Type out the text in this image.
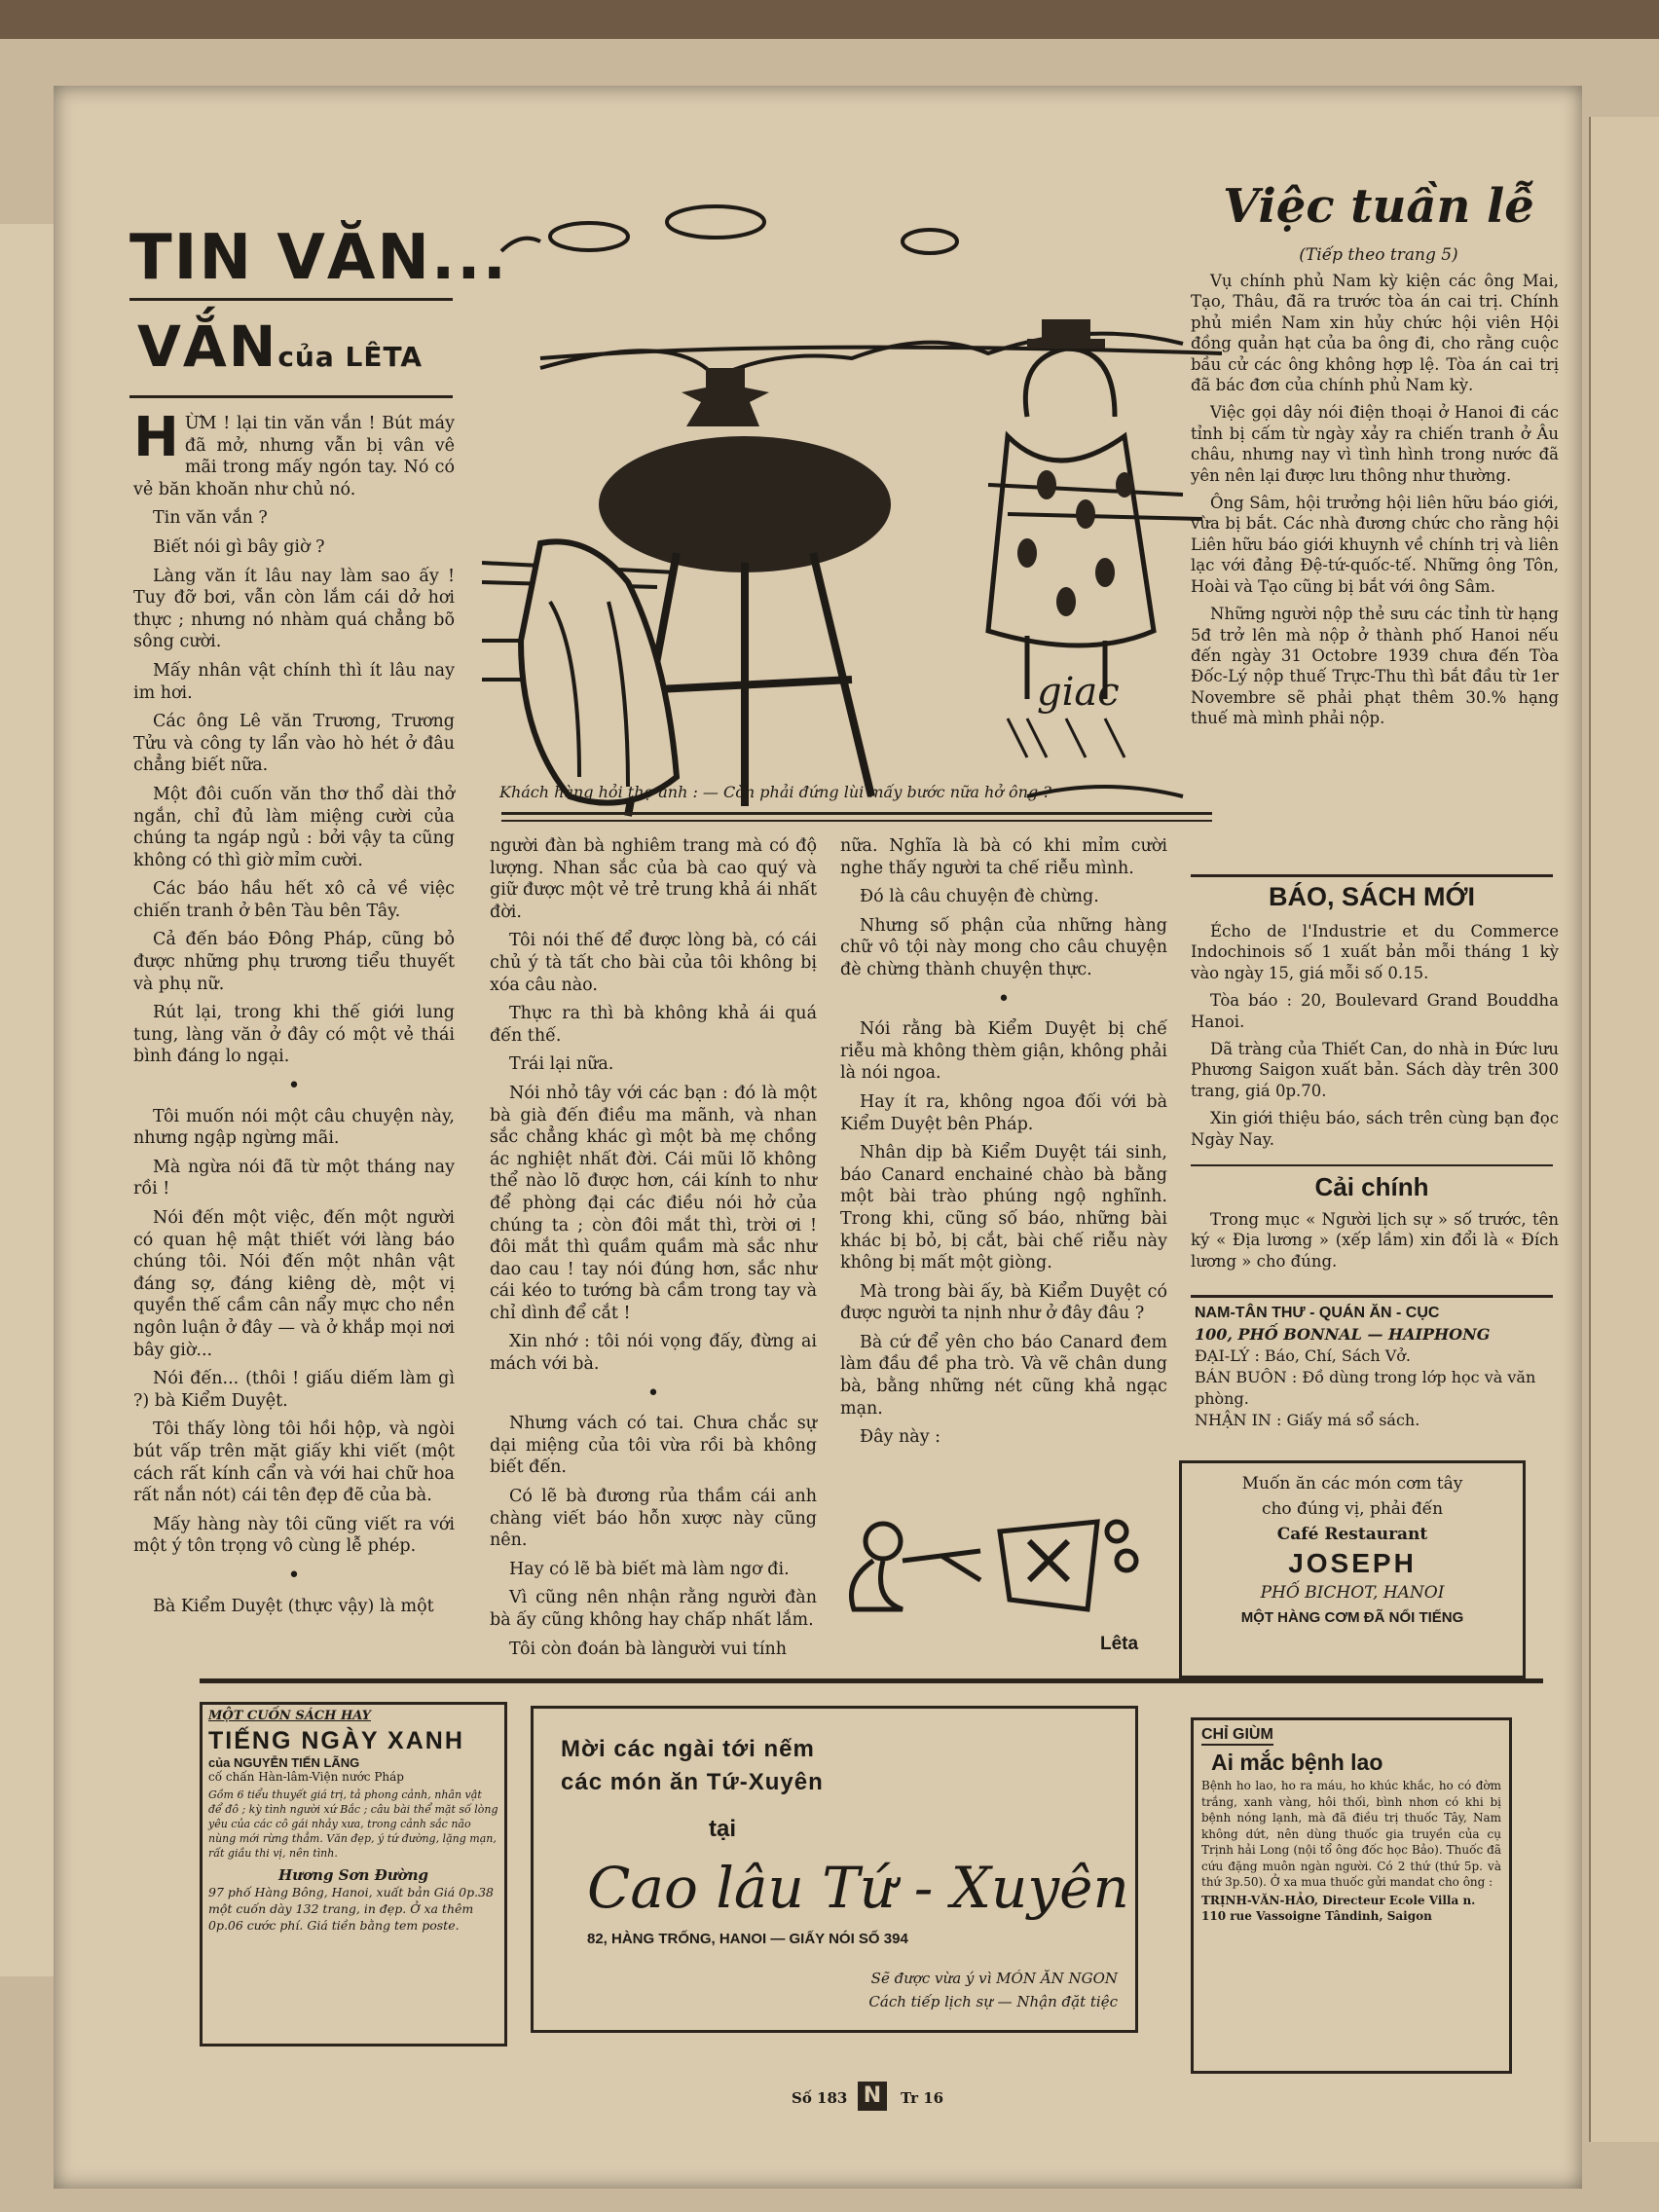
TIN VĂN...
VẮNcủa LÊTA
H ỪM ! lại tin văn vắn ! Bút máy đã mở, nhưng vẫn bị vân vê mãi trong mấy ngón tay. Nó có vẻ băn khoăn như chủ nó.

Tin văn vắn ?

Biết nói gì bây giờ ?

Làng văn ít lâu nay làm sao ấy ! Tuy đỡ bơi, vẫn còn lắm cái dở hơi thực ; nhưng nó nhàm quá chẳng bõ sông cười.

Mấy nhân vật chính thì ít lâu nay im hơi.

Các ông Lê văn Trương, Trương Tửu và công ty lẩn vào hò hét ở đâu chẳng biết nữa.

Một đôi cuốn văn thơ thổ dài thở ngắn, chỉ đủ làm miệng cười của chúng ta ngáp ngủ : bởi vậy ta cũng không có thì giờ mỉm cười.

Các báo hầu hết xô cả về việc chiến tranh ở bên Tàu bên Tây.

Cả đến báo Đông Pháp, cũng bỏ được những phụ trương tiểu thuyết và phụ nữ.

Rút lại, trong khi thế giới lung tung, làng văn ở đây có một vẻ thái bình đáng lo ngại.

•

Tôi muốn nói một câu chuyện này, nhưng ngập ngừng mãi.

Mà ngừa nói đã từ một tháng nay rồi !

Nói đến một việc, đến một người có quan hệ mật thiết với làng báo chúng tôi. Nói đến một nhân vật đáng sợ, đáng kiêng dè, một vị quyền thế cầm cân nẩy mực cho nền ngôn luận ở đây — và ở khắp mọi nơi bây giờ...

Nói đến... (thôi ! giấu diếm làm gì ?) bà Kiểm Duyệt.

Tôi thấy lòng tôi hồi hộp, và ngòi bút vấp trên mặt giấy khi viết (một cách rất kính cẩn và với hai chữ hoa rất nắn nót) cái tên đẹp đẽ của bà.

Mấy hàng này tôi cũng viết ra với một ý tôn trọng vô cùng lễ phép.

•

Bà Kiểm Duyệt (thực vậy) là một

giac
Khách hàng hỏi thợ ảnh : — Còn phải đứng lùi mấy bước nữa hở ông ?

người đàn bà nghiêm trang mà có độ lượng. Nhan sắc của bà cao quý và giữ được một vẻ trẻ trung khả ái nhất đời.

Tôi nói thế để được lòng bà, có cái chủ ý tà tất cho bài của tôi không bị xóa câu nào.

Thực ra thì bà không khả ái quá đến thế.

Trái lại nữa.

Nói nhỏ tây với các bạn : đó là một bà già đến điều ma mãnh, và nhan sắc chẳng khác gì một bà mẹ chồng ác nghiệt nhất đời. Cái mũi lõ không thể nào lõ được hơn, cái kính to như để phòng đại các điều nói hở của chúng ta ; còn đôi mắt thì, trời ơi ! đôi mắt thì quầm quầm mà sắc như dao cau ! tay nói đúng hơn, sắc như cái kéo to tướng bà cầm trong tay và chỉ dình để cắt !

Xin nhớ : tôi nói vọng đấy, đừng ai mách với bà.

•

Nhưng vách có tai. Chưa chắc sự dại miệng của tôi vừa rồi bà không biết đến.

Có lẽ bà đương rủa thầm cái anh chàng viết báo hỗn xược này cũng nên.

Hay có lẽ bà biết mà làm ngơ đi.

Vì cũng nên nhận rằng người đàn bà ấy cũng không hay chấp nhất lắm.

Tôi còn đoán bà làngười vui tính

nữa. Nghĩa là bà có khi mỉm cười nghe thấy người ta chế riễu mình.

Đó là câu chuyện đè chừng.

Nhưng số phận của những hàng chữ vô tội này mong cho câu chuyện đè chừng thành chuyện thực.

•

Nói rằng bà Kiểm Duyệt bị chế riễu mà không thèm giận, không phải là nói ngoa.

Hay ít ra, không ngoa đối với bà Kiểm Duyệt bên Pháp.

Nhân dịp bà Kiểm Duyệt tái sinh, báo Canard enchainé chào bà bằng một bài trào phúng ngộ nghĩnh. Trong khi, cũng số báo, những bài khác bị bỏ, bị cắt, bài chế riễu này không bị mất một giòng.

Mà trong bài ấy, bà Kiểm Duyệt có được người ta nịnh như ở đây đâu ?

Bà cứ để yên cho báo Canard đem làm đầu đề pha trò. Và vẽ chân dung bà, bằng những nét cũng khả ngạc mạn.

Đây này :

Lêta
Việc tuần lễ
(Tiếp theo trang 5)

Vụ chính phủ Nam kỳ kiện các ông Mai, Tạo, Thâu, đã ra trước tòa án cai trị. Chính phủ miền Nam xin hủy chức hội viên Hội đồng quản hạt của ba ông đi, cho rằng cuộc bầu cử các ông không hợp lệ. Tòa án cai trị đã bác đơn của chính phủ Nam kỳ.

Việc gọi dây nói điện thoại ở Hanoi đi các tỉnh bị cấm từ ngày xảy ra chiến tranh ở Âu châu, nhưng nay vì tình hình trong nước đã yên nên lại được lưu thông như thường.

Ông Sâm, hội trưởng hội liên hữu báo giới, vừa bị bắt. Các nhà đương chức cho rằng hội Liên hữu báo giới khuynh về chính trị và liên lạc với đảng Đệ-tứ-quốc-tế. Những ông Tôn, Hoài và Tạo cũng bị bắt với ông Sâm.

Những người nộp thẻ sưu các tỉnh từ hạng 5đ trở lên mà nộp ở thành phố Hanoi nếu đến ngày 31 Octobre 1939 chưa đến Tòa Đốc-Lý nộp thuế Trực-Thu thì bắt đầu từ 1er Novembre sẽ phải phạt thêm 30.% hạng thuế mà mình phải nộp.

BÁO, SÁCH MỚI

Écho de l'Industrie et du Commerce Indochinois số 1 xuất bản mỗi tháng 1 kỳ vào ngày 15, giá mỗi số 0.15.

Tòa báo : 20, Boulevard Grand Bouddha Hanoi.

Dã tràng của Thiết Can, do nhà in Đức lưu Phương Saigon xuất bản. Sách dày trên 300 trang, giá 0p.70.

Xin giới thiệu báo, sách trên cùng bạn đọc Ngày Nay.

Cải chính

Trong mục « Người lịch sự » số trước, tên ký « Địa lương » (xếp lầm) xin đổi là « Đích lương » cho đúng.

NAM-TÂN THƯ - QUÁN ĂN - CỤC
100, PHỐ BONNAL — HAIPHONG
ĐẠI-LÝ : Báo, Chí, Sách Vở.
BÁN BUÔN : Đồ dùng trong lớp học và văn phòng.
NHẬN IN : Giấy má sổ sách.
Muốn ăn các món cơm tây
cho đúng vị, phải đến
Café Restaurant
JOSEPH
PHỐ BICHOT, HANOI
MỘT HÀNG CƠM ĐÃ NỔI TIẾNG
MỘT CUỐN SÁCH HAY
TIẾNG NGÀY XANH
của NGUYỄN TIẾN LÃNG
cố chấn Hàn-lâm-Viện nước Pháp
Gồm 6 tiểu thuyết giá trị, tả phong cảnh, nhân vật để đô ; kỳ tình người xứ Bắc ; câu bài thể mặt số lòng yêu của các cô gái nhảy xưa, trong cảnh sắc não nùng mới rừng thẳm. Văn đẹp, ý tứ đường, lặng mạn, rất giầu thi vị, nên tình.
Hương Sơn Đường
97 phố Hàng Bông, Hanoi, xuất bản Giá 0p.38 một cuốn dày 132 trang, in đẹp. Ở xa thêm 0p.06 cước phí. Giá tiền bằng tem poste.
Mời các ngài tới nếm
các món ăn Tứ-Xuyên
tại
Cao lâu Tứ - Xuyên
82, HÀNG TRỐNG, HANOI — GIẤY NÓI SỐ 394
Sẽ được vừa ý vì MÓN ĂN NGON
Cách tiếp lịch sự — Nhận đặt tiệc
CHỈ GIÙM
Ai mắc bệnh lao
Bệnh ho lao, ho ra máu, ho khúc khắc, ho có đờm trắng, xanh vàng, hôi thối, bình nhơn có khi bị bệnh nóng lạnh, mà đã điều trị thuốc Tây, Nam không dứt, nên dùng thuốc gia truyền của cụ Trịnh hải Long (nội tổ ông đốc học Bảo). Thuốc đã cứu đặng muôn ngàn người. Có 2 thứ (thứ 5p. và thứ 3p.50). Ở xa mua thuốc gửi mandat cho ông :
TRỊNH-VĂN-HẢO, Directeur Ecole Villa n. 110 rue Vassoigne Tândinh, Saigon
Số 183 N	Tr 16
